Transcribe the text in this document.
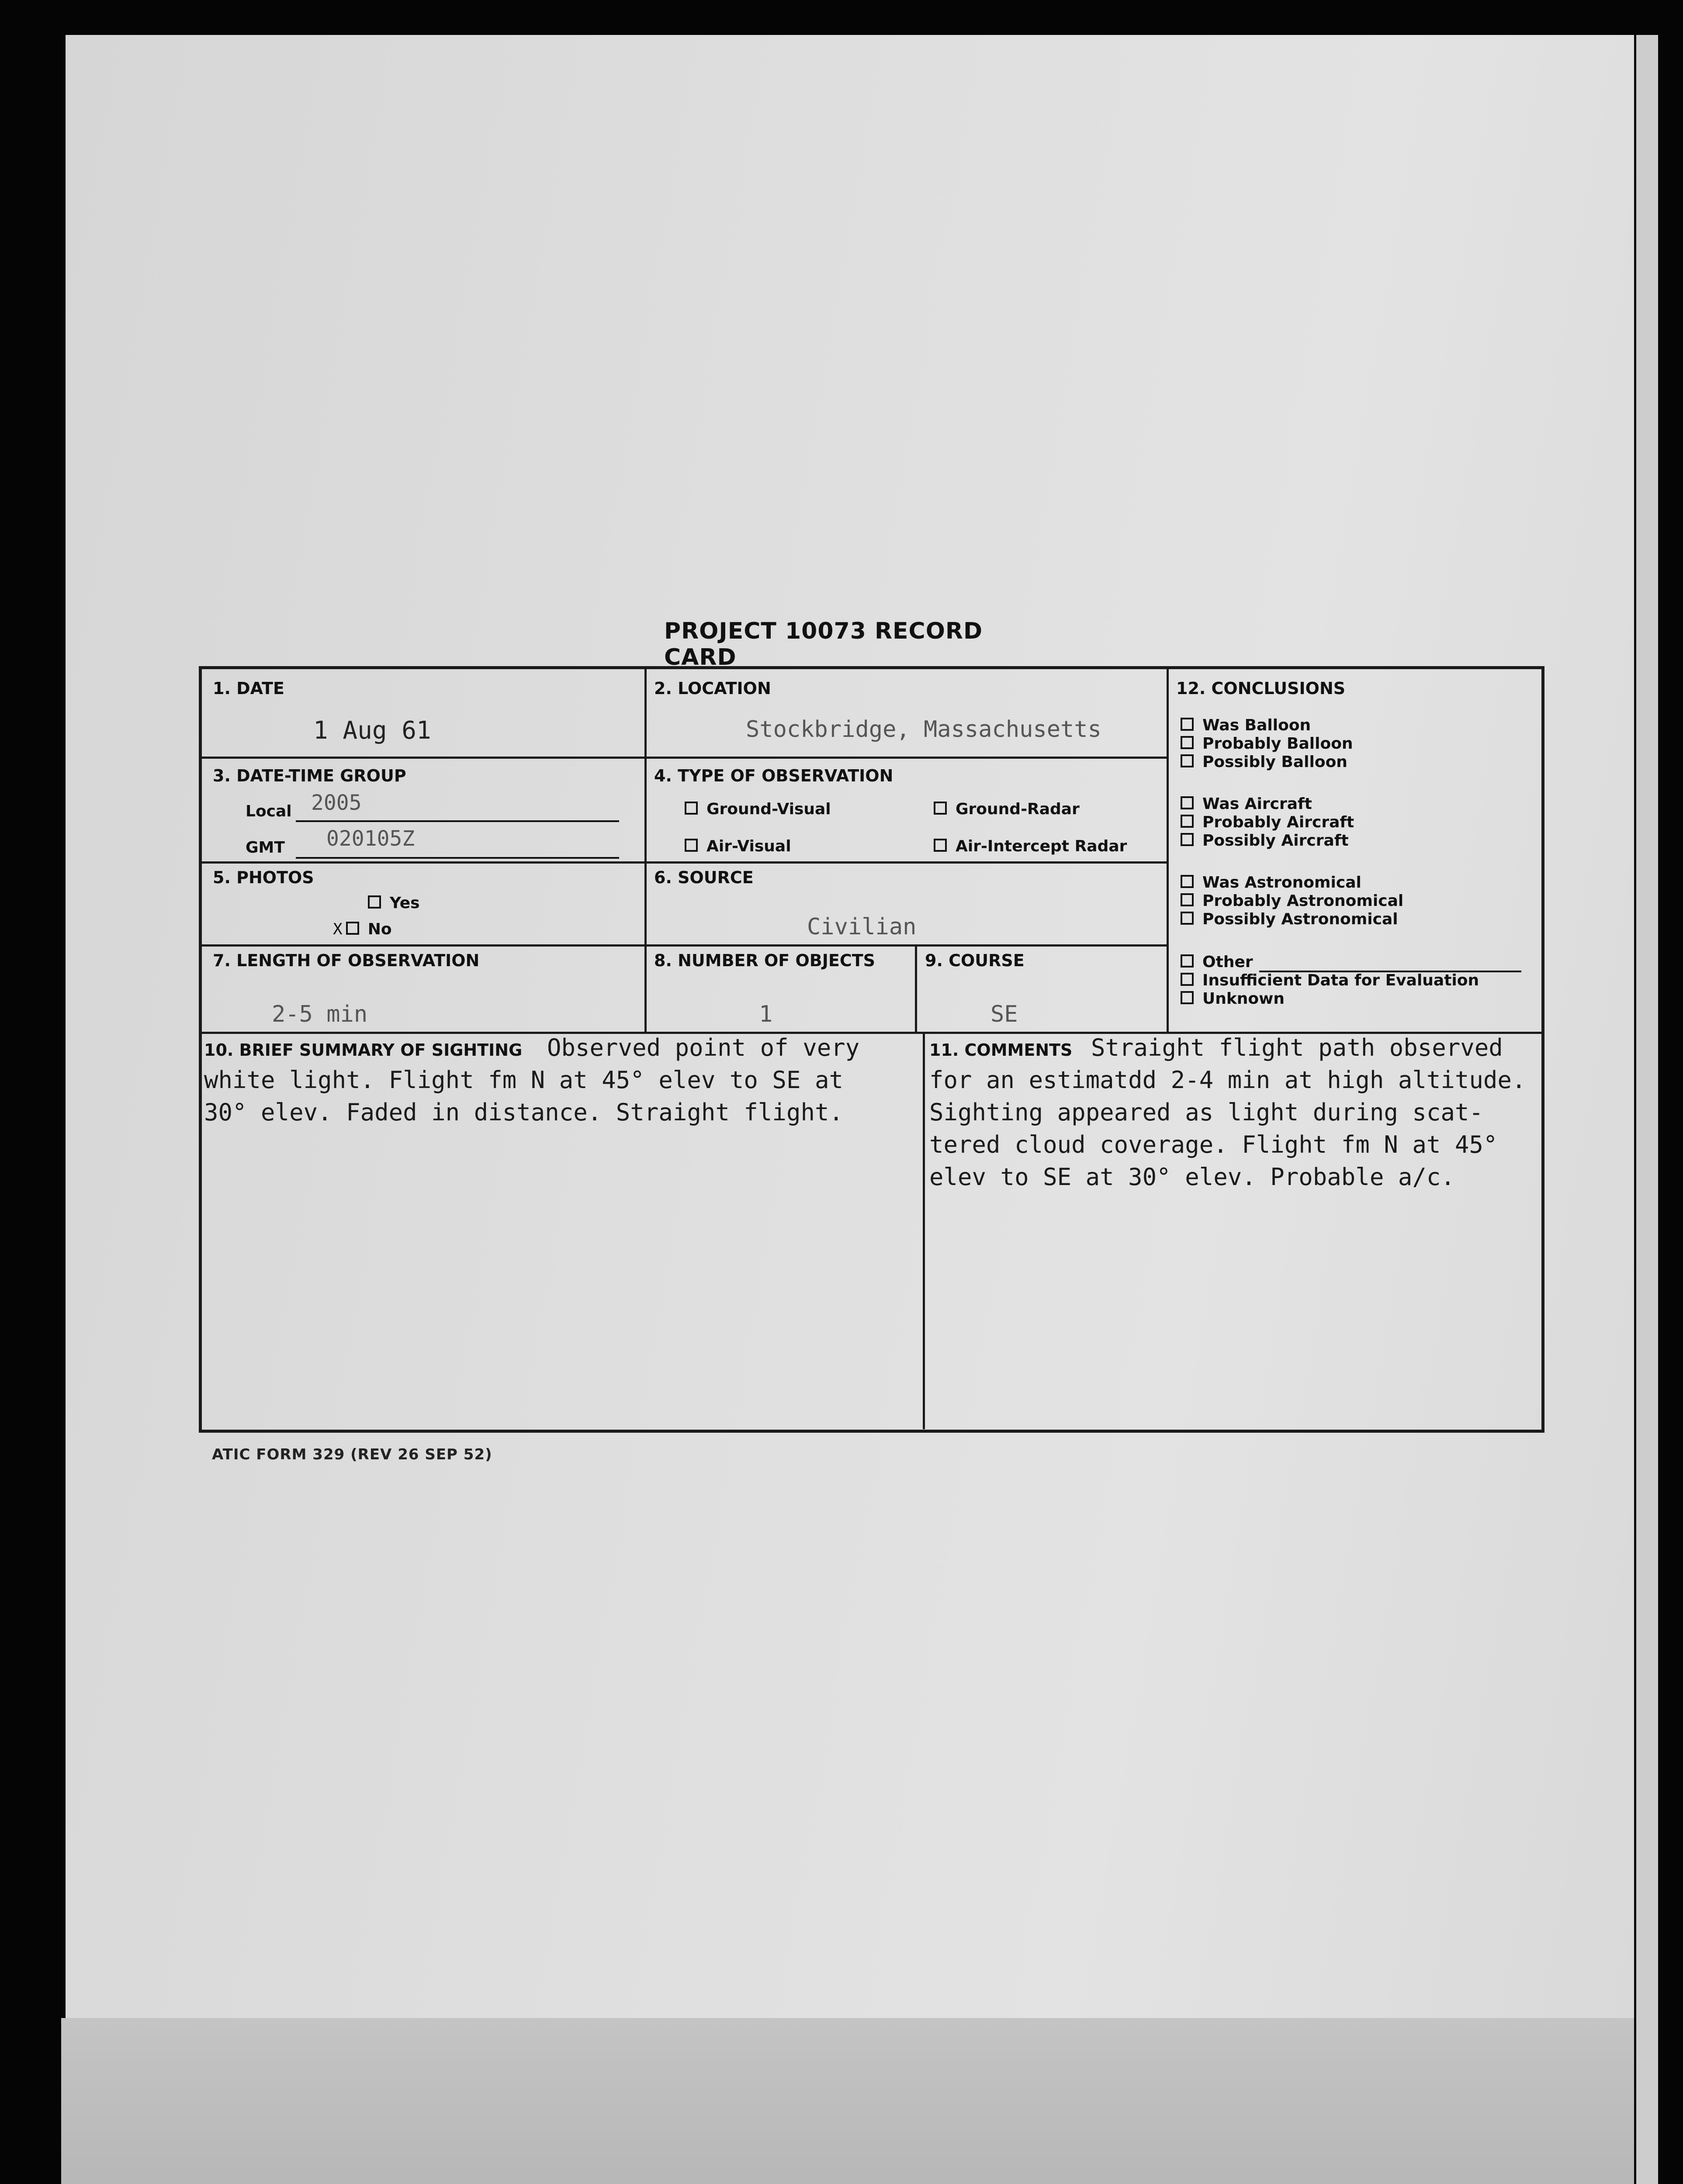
PROJECT 10073 RECORD CARD
1. DATE
1 Aug 61
2. LOCATION
Stockbridge, Massachusetts
3. DATE-TIME GROUP
Local 2005
GMT 020105Z
4. TYPE OF OBSERVATION
Ground-Visual	Ground-Radar
Air-Visual	Air-Intercept Radar
5. PHOTOS
Yes
X No
6. SOURCE
Civilian
7. LENGTH OF OBSERVATION
2-5 min
8. NUMBER OF OBJECTS
1
9. COURSE
SE
10. BRIEF SUMMARY OF SIGHTING Observed point of very
white light. Flight fm N at 45° elev to SE at
30° elev. Faded in distance. Straight flight.
11. COMMENTS Straight flight path observed
for an estimatdd 2-4 min at high altitude.
Sighting appeared as light during scat-
tered cloud coverage. Flight fm N at 45°
elev to SE at 30° elev. Probable a/c.
12. CONCLUSIONS
Was Balloon
Probably Balloon
Possibly Balloon
Was Aircraft
Probably Aircraft
Possibly Aircraft
Was Astronomical
Probably Astronomical
Possibly Astronomical
Other
Insufficient Data for Evaluation
Unknown
ATIC FORM 329 (REV 26 SEP 52)
